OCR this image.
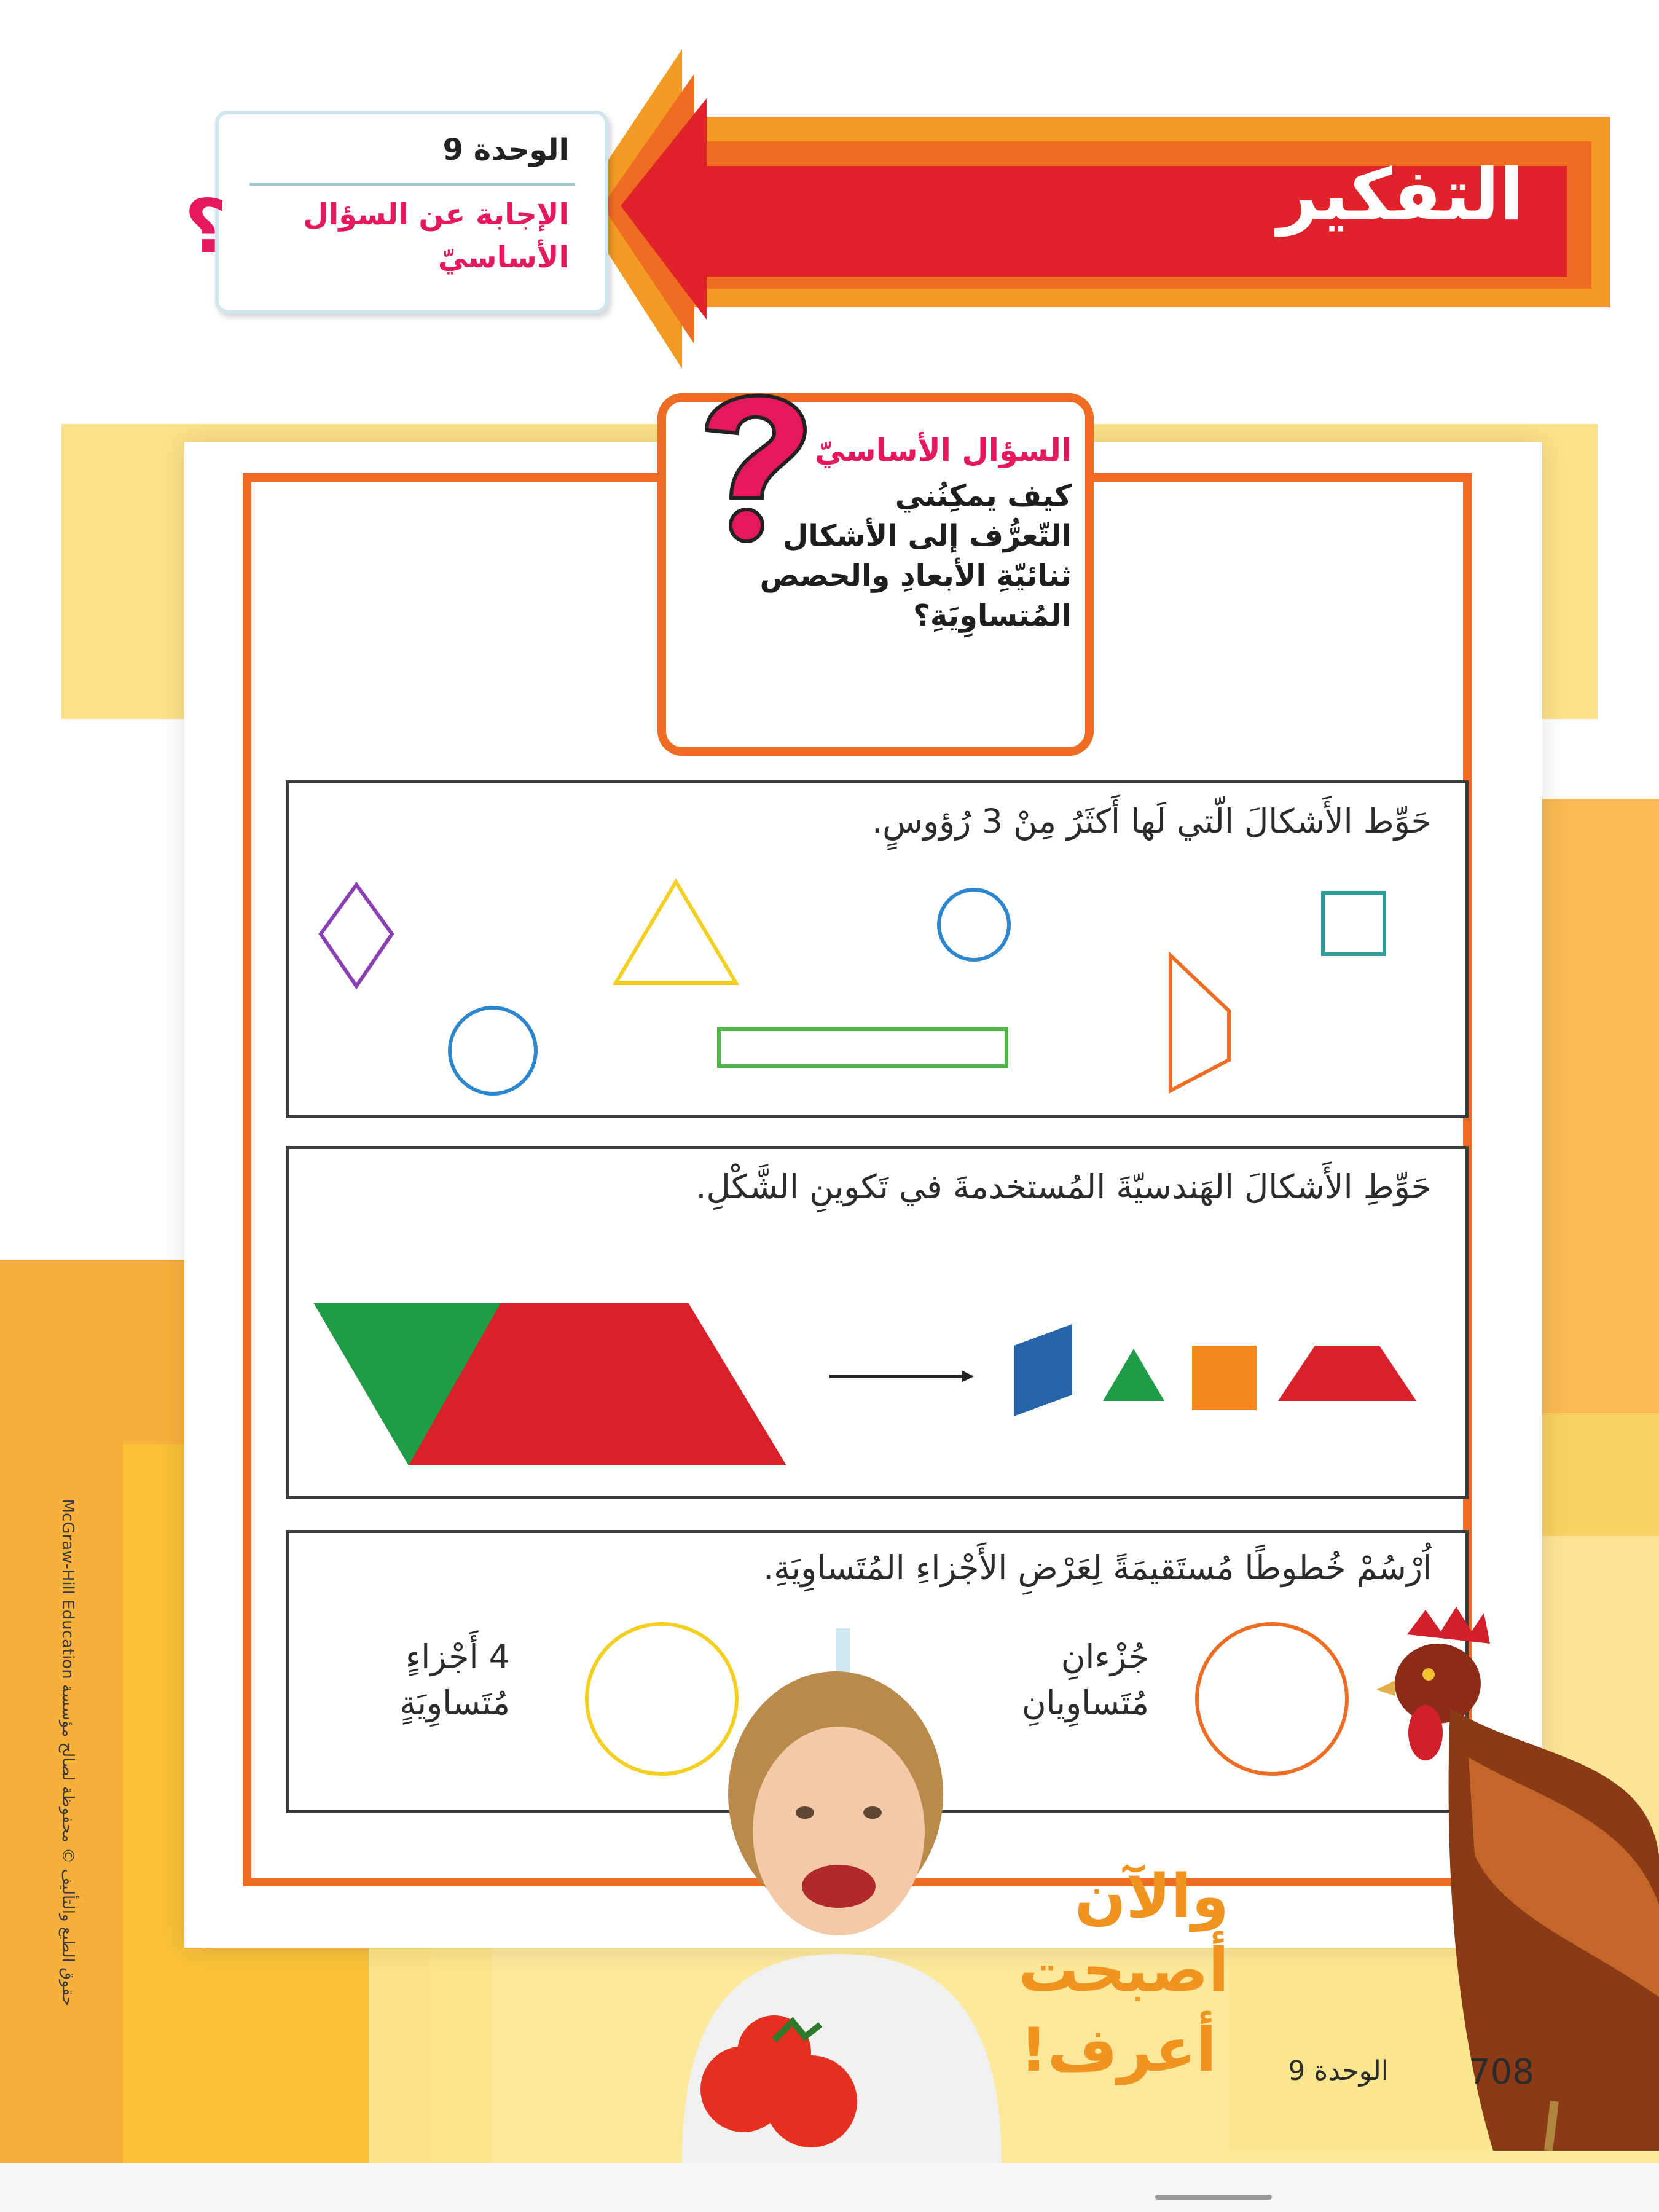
التفكير
الوحدة 9
الإجابة عن السؤال
الأساسيّ
؟
السؤال الأساسيّ
كيف يمكِنُني
التّعرُّف إلى الأشكال
ثنائيّةِ الأبعادِ والحصص
المُتساوِيَةِ؟
حَوِّط الأَشكالَ الّتي لَها أَكثَرُ مِنْ 3 رُؤوسٍ.
حَوِّطِ الأَشكالَ الهَندسيّةَ المُستخدمةَ في تَكوينِ الشَّكْلِ.
اُرْسُمْ خُطوطًا مُستَقيمَةً لِعَرْضِ الأَجْزاءِ المُتَساوِيَةِ.
جُزْءانِ
مُتَساوِيانِ
4 أَجْزاءٍ
مُتَساوِيَةٍ
والآن
أصبحت
أعرف!	الوحدة 9 708
حقوق الطبع والتأليف © محفوظة لصالح مؤسسة McGraw-Hill Education
